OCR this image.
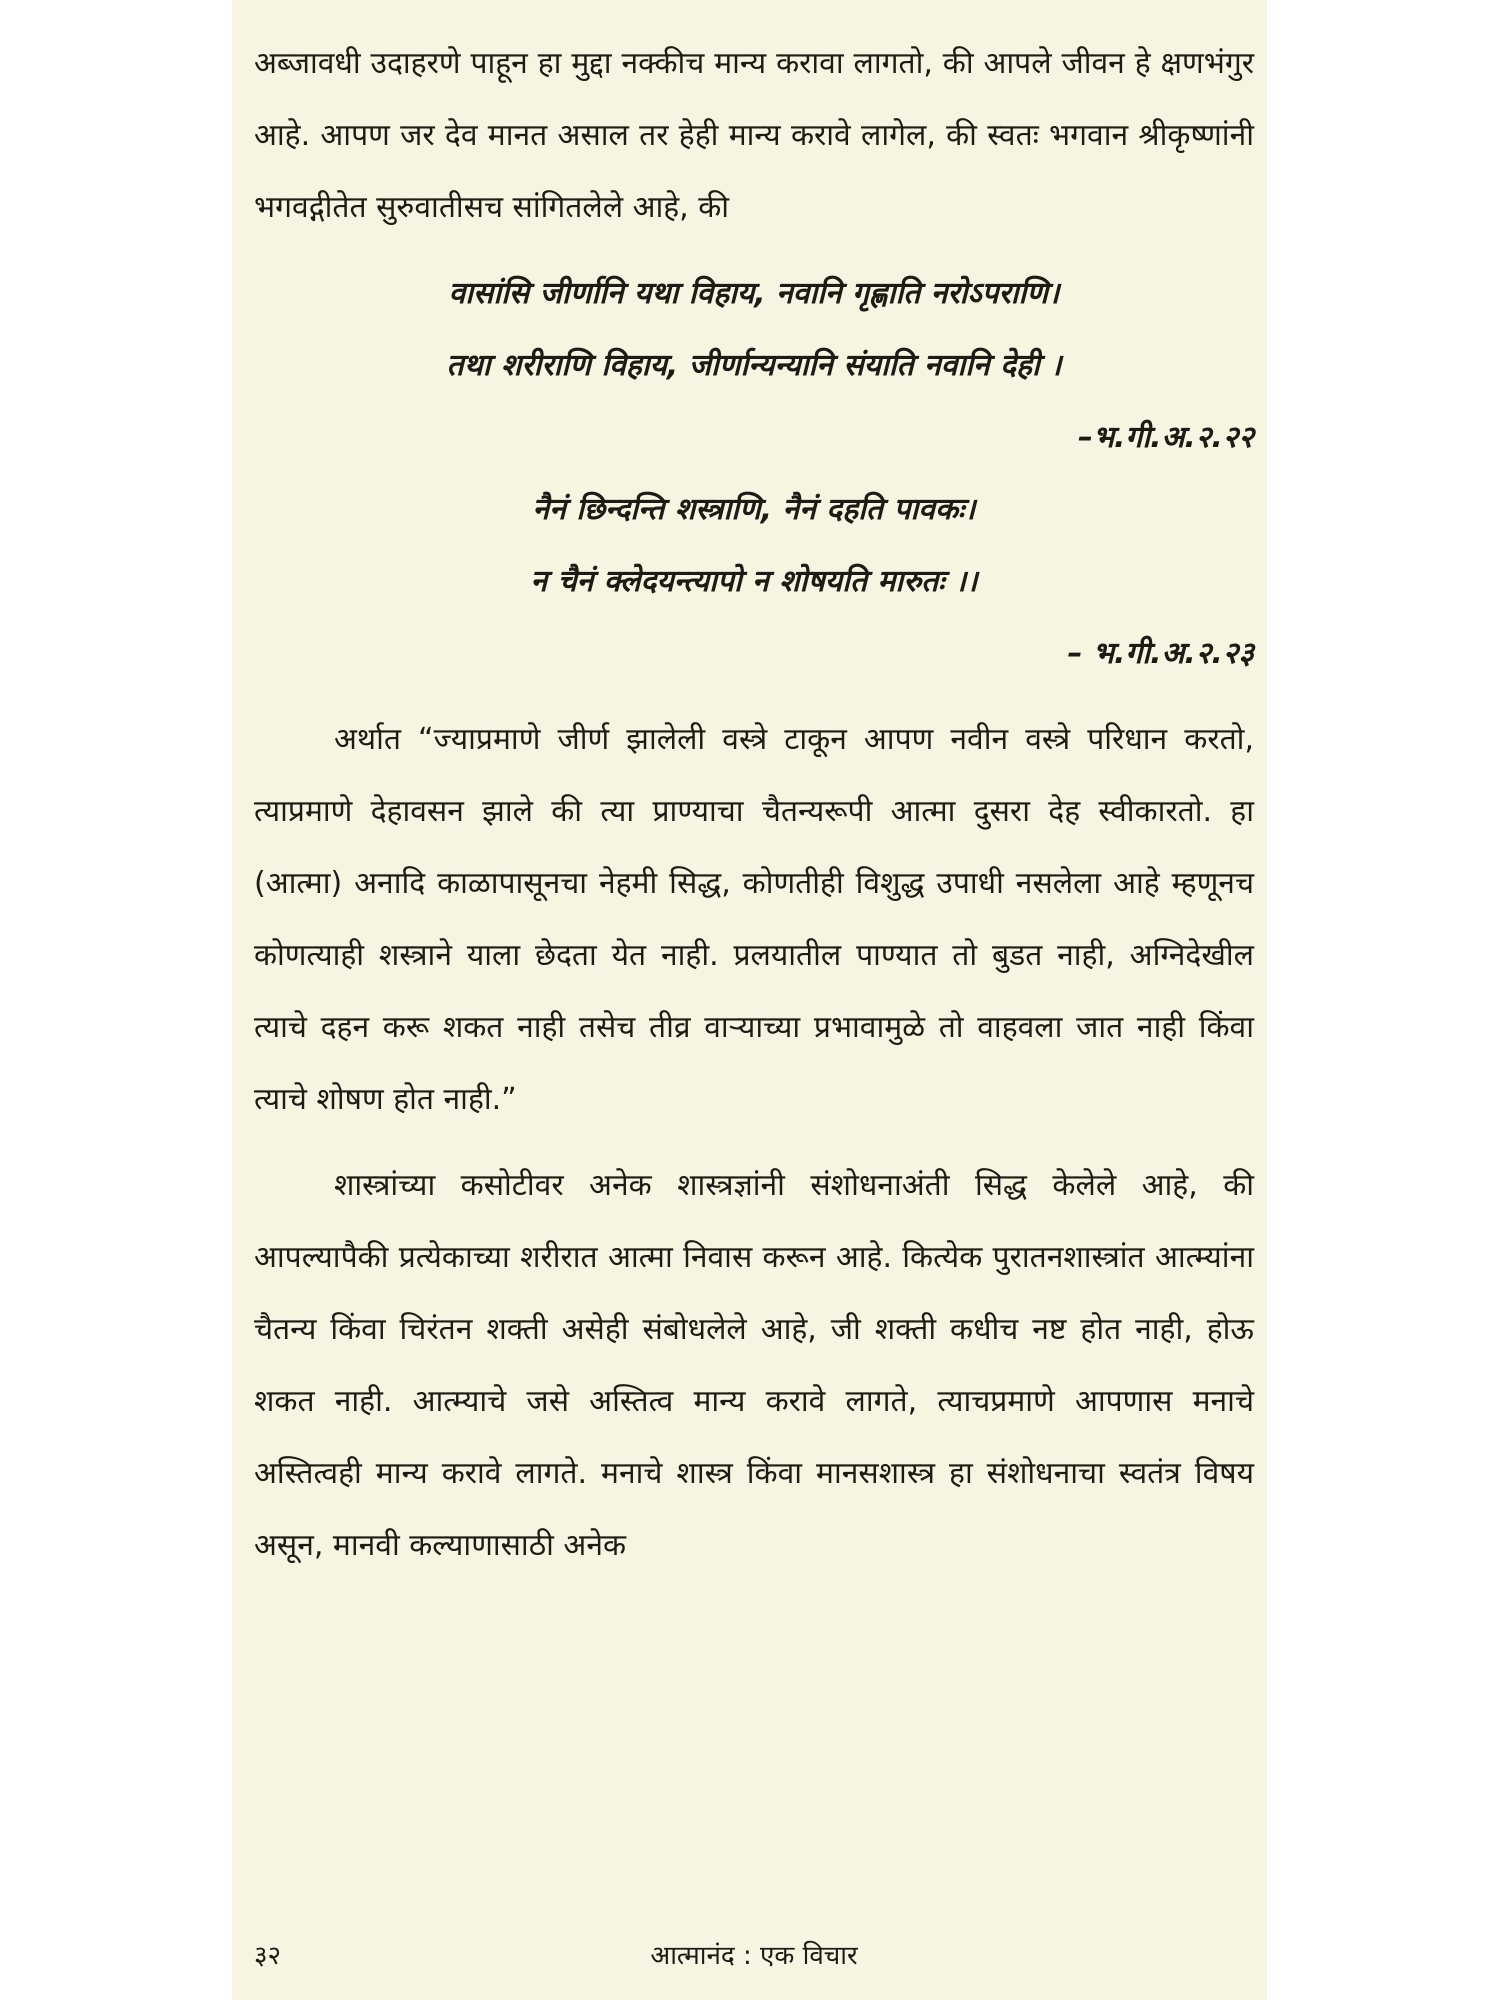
अब्जावधी उदाहरणे पाहून हा मुद्दा नक्कीच मान्य करावा लागतो, की आपले जीवन हे क्षणभंगुर आहे. आपण जर देव मानत असाल तर हेही मान्य करावे लागेल, की स्वतः भगवान श्रीकृष्णांनी भगवद्गीतेत सुरुवातीसच सांगितलेले आहे, की

वासांसि जीर्णानि यथा विहाय, नवानि गृह्णाति नरोऽपराणि।

तथा शरीराणि विहाय, जीर्णान्यन्यानि संयाति नवानि देही ।

–भ.गी.अ.२.२२

नैनं छिन्दन्ति शस्त्राणि, नैनं दहति पावकः।

न चैनं क्लेदयन्त्यापो न शोषयति मारुतः ।।

– भ.गी.अ.२.२३

अर्थात “ज्याप्रमाणे जीर्ण झालेली वस्त्रे टाकून आपण नवीन वस्त्रे परिधान करतो, त्याप्रमाणे देहावसन झाले की त्या प्राण्याचा चैतन्यरूपी आत्मा दुसरा देह स्वीकारतो. हा (आत्मा) अनादि काळापासूनचा नेहमी सिद्ध, कोणतीही विशुद्ध उपाधी नसलेला आहे म्हणूनच कोणत्याही शस्त्राने याला छेदता येत नाही. प्रलयातील पाण्यात तो बुडत नाही, अग्निदेखील त्याचे दहन करू शकत नाही तसेच तीव्र वाऱ्याच्या प्रभावामुळे तो वाहवला जात नाही किंवा त्याचे शोषण होत नाही.”

शास्त्रांच्या कसोटीवर अनेक शास्त्रज्ञांनी संशोधनाअंती सिद्ध केलेले आहे, की आपल्यापैकी प्रत्येकाच्या शरीरात आत्मा निवास करून आहे. कित्येक पुरातनशास्त्रांत आत्म्यांना चैतन्य किंवा चिरंतन शक्ती असेही संबोधलेले आहे, जी शक्ती कधीच नष्ट होत नाही, होऊ शकत नाही. आत्म्याचे जसे अस्तित्व मान्य करावे लागते, त्याचप्रमाणे आपणास मनाचे अस्तित्वही मान्य करावे लागते. मनाचे शास्त्र किंवा मानसशास्त्र हा संशोधनाचा स्वतंत्र विषय असून, मानवी कल्याणासाठी अनेक

३२	आत्मानंद : एक विचार
